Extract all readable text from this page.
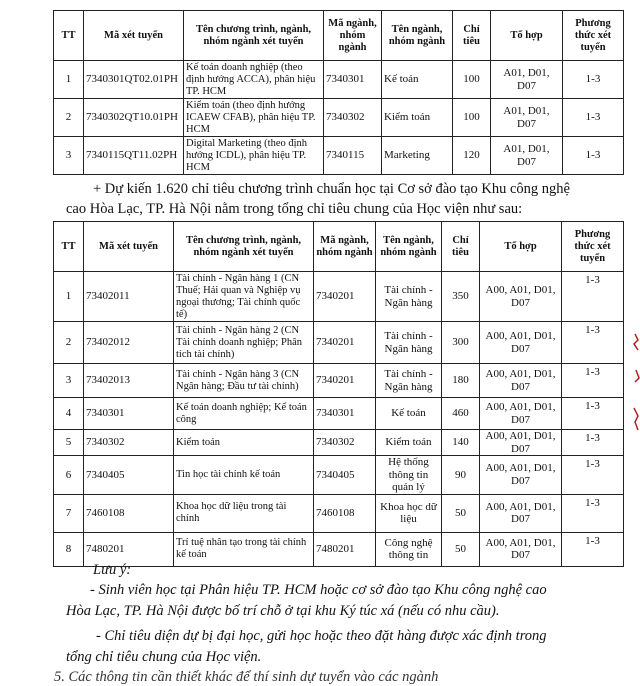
TT	Mã xét tuyển	Tên chương trình, ngành, nhóm ngành xét tuyển	Mã ngành, nhóm ngành	Tên ngành, nhóm ngành	Chỉ tiêu	Tổ hợp	Phương thức xét tuyển
1	7340301QT02.01PH	Kế toán doanh nghiệp (theo định hướng ACCA), phân hiệu TP. HCM	7340301	Kế toán	100	A01, D01, D07	1-3
2	7340302QT10.01PH	Kiểm toán (theo định hướng ICAEW CFAB), phân hiệu TP. HCM	7340302	Kiểm toán	100	A01, D01, D07	1-3
3	7340115QT11.02PH	Digital Marketing (theo định hướng ICDL), phân hiệu TP. HCM	7340115	Marketing	120	A01, D01, D07	1-3
+ Dự kiến 1.620 chỉ tiêu chương trình chuẩn học tại Cơ sở đào tạo Khu công nghệ
cao Hòa Lạc, TP. Hà Nội nằm trong tổng chỉ tiêu chung của Học viện như sau:
TT	Mã xét tuyển	Tên chương trình, ngành, nhóm ngành xét tuyển	Mã ngành, nhóm ngành	Tên ngành, nhóm ngành	Chỉ tiêu	Tổ hợp	Phương thức xét tuyển
1	73402011	Tài chính - Ngân hàng 1 (CN Thuế; Hải quan và Nghiệp vụ ngoại thương; Tài chính quốc tế)	7340201	Tài chính - Ngân hàng	350	A00, A01, D01, D07	1-3
2	73402012	Tài chính - Ngân hàng 2 (CN Tài chính doanh nghiệp; Phân tích tài chính)	7340201	Tài chính - Ngân hàng	300	A00, A01, D01, D07	1-3
3	73402013	Tài chính - Ngân hàng 3 (CN Ngân hàng; Đầu tư tài chính)	7340201	Tài chính - Ngân hàng	180	A00, A01, D01, D07	1-3
4	7340301	Kế toán doanh nghiệp; Kế toán công	7340301	Kế toán	460	A00, A01, D01, D07	1-3
5	7340302	Kiểm toán	7340302	Kiểm toán	140	A00, A01, D01, D07	1-3
6	7340405	Tin học tài chính kế toán	7340405	Hệ thống thông tin quản lý	90	A00, A01, D01, D07	1-3
7	7460108	Khoa học dữ liệu trong tài chính	7460108	Khoa học dữ liệu	50	A00, A01, D01, D07	1-3
8	7480201	Trí tuệ nhân tạo trong tài chính kế toán	7480201	Công nghệ thông tin	50	A00, A01, D01, D07	1-3
Lưu ý:
- Sinh viên học tại Phân hiệu TP. HCM hoặc cơ sở đào tạo Khu công nghệ cao
Hòa Lạc, TP. Hà Nội được bố trí chỗ ở tại khu Ký túc xá (nếu có nhu cầu).
- Chỉ tiêu diện dự bị đại học, gửi học hoặc theo đặt hàng được xác định trong
tổng chỉ tiêu chung của Học viện.
5. Các thông tin cần thiết khác để thí sinh dự tuyển vào các ngành
